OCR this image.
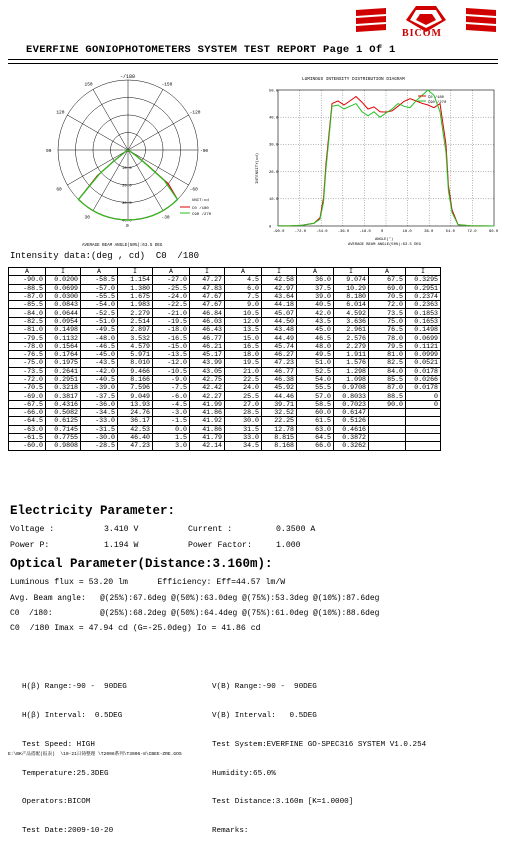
BICOM
EVERFINE GONIOPHOTOMETERS SYSTEM TEST REPORT Page 1 Of 1
-/180
-150
-120
-90
-60
-30
30
60
90
120
150
0
10.0
20.0
30.0
40.0
UNIT:cd
C0 /180
C90 /270
AVERAGE BEAM ANGLE(50%):63.5 DEG
LUMINOUS INTENSITY DISTRIBUTION DIAGRAM
INTENSITY(cd)
0
10.0
20.0
30.0
40.0
50.0
-90.0	-72.0	-54.0	-36.0	-18.0	0	18.0	36.0	54.0	72.0	90.0
C0 /180
C90 /270
ANGLE(°)
AVERAGE BEAM ANGLE(50%):63.5 DEG
Intensity data:(deg , cd)  C0  /180
A	I	A	I	A	I	A	I	A	I	A	I
-90.0	0.0200	-58.5	1.154	-27.0	47.27	4.5	42.58	36.0	9.074	67.5	0.3295
-88.5	0.0699	-57.0	1.380	-25.5	47.83	6.0	42.97	37.5	10.29	69.0	0.2951
-87.0	0.0300	-55.5	1.675	-24.0	47.67	7.5	43.64	39.0	8.180	70.5	0.2374
-85.5	0.0843	-54.0	1.983	-22.5	47.67	9.0	44.18	40.5	6.014	72.0	0.2363
-84.0	0.0644	-52.5	2.279	-21.0	46.84	10.5	45.07	42.0	4.592	73.5	0.1853
-82.5	0.0954	-51.0	2.514	-19.5	46.03	12.0	44.50	43.5	3.636	75.0	0.1653
-81.0	0.1498	-49.5	2.897	-18.0	46.43	13.5	43.48	45.0	2.961	76.5	0.1498
-79.5	0.1132	-48.0	3.532	-16.5	46.77	15.0	44.49	46.5	2.576	78.0	0.0699
-78.0	0.1564	-46.5	4.579	-15.0	46.21	16.5	45.74	48.0	2.279	79.5	0.1121
-76.5	0.1764	-45.0	5.971	-13.5	45.17	18.0	46.27	49.5	1.911	81.0	0.0999
-75.0	0.1975	-43.5	8.010	-12.0	43.99	19.5	47.23	51.0	1.576	82.5	0.0521
-73.5	0.2641	-42.0	9.466	-10.5	43.05	21.0	46.77	52.5	1.298	84.0	0.0178
-72.0	0.2951	-40.5	8.166	-9.0	42.75	22.5	46.38	54.0	1.098	85.5	0.0266
-70.5	0.3218	-39.0	7.596	-7.5	42.42	24.0	45.92	55.5	0.9708	87.0	0.0178
-69.0	0.3817	-37.5	9.049	-6.0	42.27	25.5	44.46	57.0	0.8033	88.5	0
-67.5	0.4316	-36.0	13.93	-4.5	41.99	27.0	39.71	58.5	0.7023	90.0	0
-66.0	0.5082	-34.5	24.76	-3.0	41.86	28.5	32.52	60.0	0.6147		
-64.5	0.6125	-33.0	36.17	-1.5	41.92	30.0	22.25	61.5	0.5126		
-63.0	0.7145	-31.5	42.53	0.0	41.86	31.5	12.78	63.0	0.4616		
-61.5	0.7755	-30.0	46.40	1.5	41.79	33.0	8.815	64.5	0.3872		
-60.0	0.9808	-28.5	47.23	3.0	42.14	34.5	8.168	66.0	0.3262		
Electricity Parameter:
Voltage :	3.410 V	Current :	0.3500 A
Power P:	1.194 W	Power Factor:	1.000
Optical Parameter(Distance:3.160m):
Luminous flux = 53.20 lm      Efficiency: Eff=44.57 lm/W
Avg. Beam angle:   @(25%):67.6deg @(50%):63.0deg @(75%):53.3deg @(10%):87.6deg
C0  /180:          @(25%):68.2deg @(50%):64.4deg @(75%):61.0deg @(10%):88.6deg
C0  /180 Imax = 47.94 cd (G=-25.0deg) Io = 41.86 cd

H(β) Range:-90 -  90DEG

H(β) Interval:  0.5DEG

Test Speed: HIGH

Temperature:25.3DEG

Operators:BICOM

Test Date:2009-10-20

V(B) Range:-90 -  90DEG

V(B) Interval:   0.5DEG

Test System:EVERFINE GO-SPEC316 SYSTEM V1.0.254

Humidity:65.0%

Test Distance:3.160m [K=1.0000]

Remarks:

E:\BK产品搭配(报表)  \10-21日铸整理 \T2006系列\T3006-8\CBEE-ZRE.GOS
